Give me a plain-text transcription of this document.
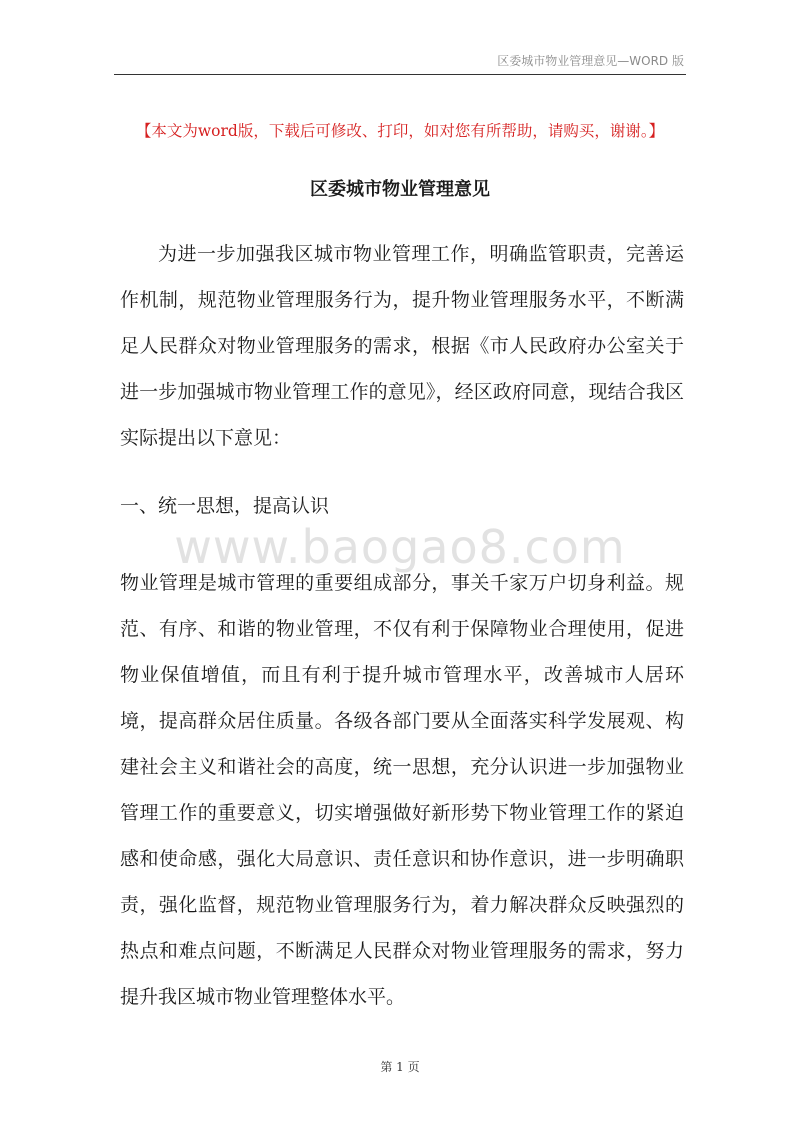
区委城市物业管理意见—WORD 版
【本文为word版，下载后可修改、打印，如对您有所帮助，请购买，谢谢。】
区委城市物业管理意见

为进一步加强我区城市物业管理工作，明确监管职责，完善运作机制，规范物业管理服务行为，提升物业管理服务水平，不断满足人民群众对物业管理服务的需求，根据《市人民政府办公室关于进一步加强城市物业管理工作的意见》，经区政府同意，现结合我区实际提出以下意见：

一、统一思想，提高认识
www.baogao8.com

物业管理是城市管理的重要组成部分，事关千家万户切身利益。规范、有序、和谐的物业管理，不仅有利于保障物业合理使用，促进物业保值增值，而且有利于提升城市管理水平，改善城市人居环境，提高群众居住质量。各级各部门要从全面落实科学发展观、构建社会主义和谐社会的高度，统一思想，充分认识进一步加强物业管理工作的重要意义，切实增强做好新形势下物业管理工作的紧迫感和使命感，强化大局意识、责任意识和协作意识，进一步明确职责，强化监督，规范物业管理服务行为，着力解决群众反映强烈的热点和难点问题，不断满足人民群众对物业管理服务的需求，努力提升我区城市物业管理整体水平。

第 1 页
